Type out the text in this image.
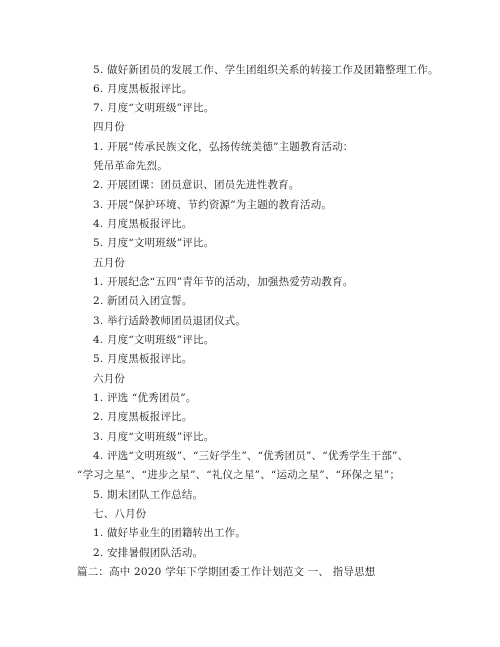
5. 做好新团员的发展工作、学生团组织关系的转接工作及团籍整理工作。
6. 月度黑板报评比。
7. 月度“文明班级”评比。
四月份
1. 开展“传承民族文化，弘扬传统美德”主题教育活动：
凭吊革命先烈。
2. 开展团课：团员意识、团员先进性教育。
3. 开展“保护环境、节约资源”为主题的教育活动。
4. 月度黑板报评比。
5. 月度“文明班级”评比。
五月份
1. 开展纪念“五四”青年节的活动，加强热爱劳动教育。
2. 新团员入团宣誓。
3. 举行适龄教师团员退团仪式。
4. 月度“文明班级”评比。
5. 月度黑板报评比。
六月份
1. 评选 “优秀团员”。
2. 月度黑板报评比。
3. 月度“文明班级”评比。
4. 评选“文明班级”、“三好学生”、“优秀团员”、“优秀学生干部”、
“学习之星”、“进步之星”、“礼仪之星”、“运动之星”、“环保之星”；
5. 期末团队工作总结。
七、八月份
1. 做好毕业生的团籍转出工作。
2. 安排暑假团队活动。
篇二：高中 2020 学年下学期团委工作计划范文 一、 指导思想
